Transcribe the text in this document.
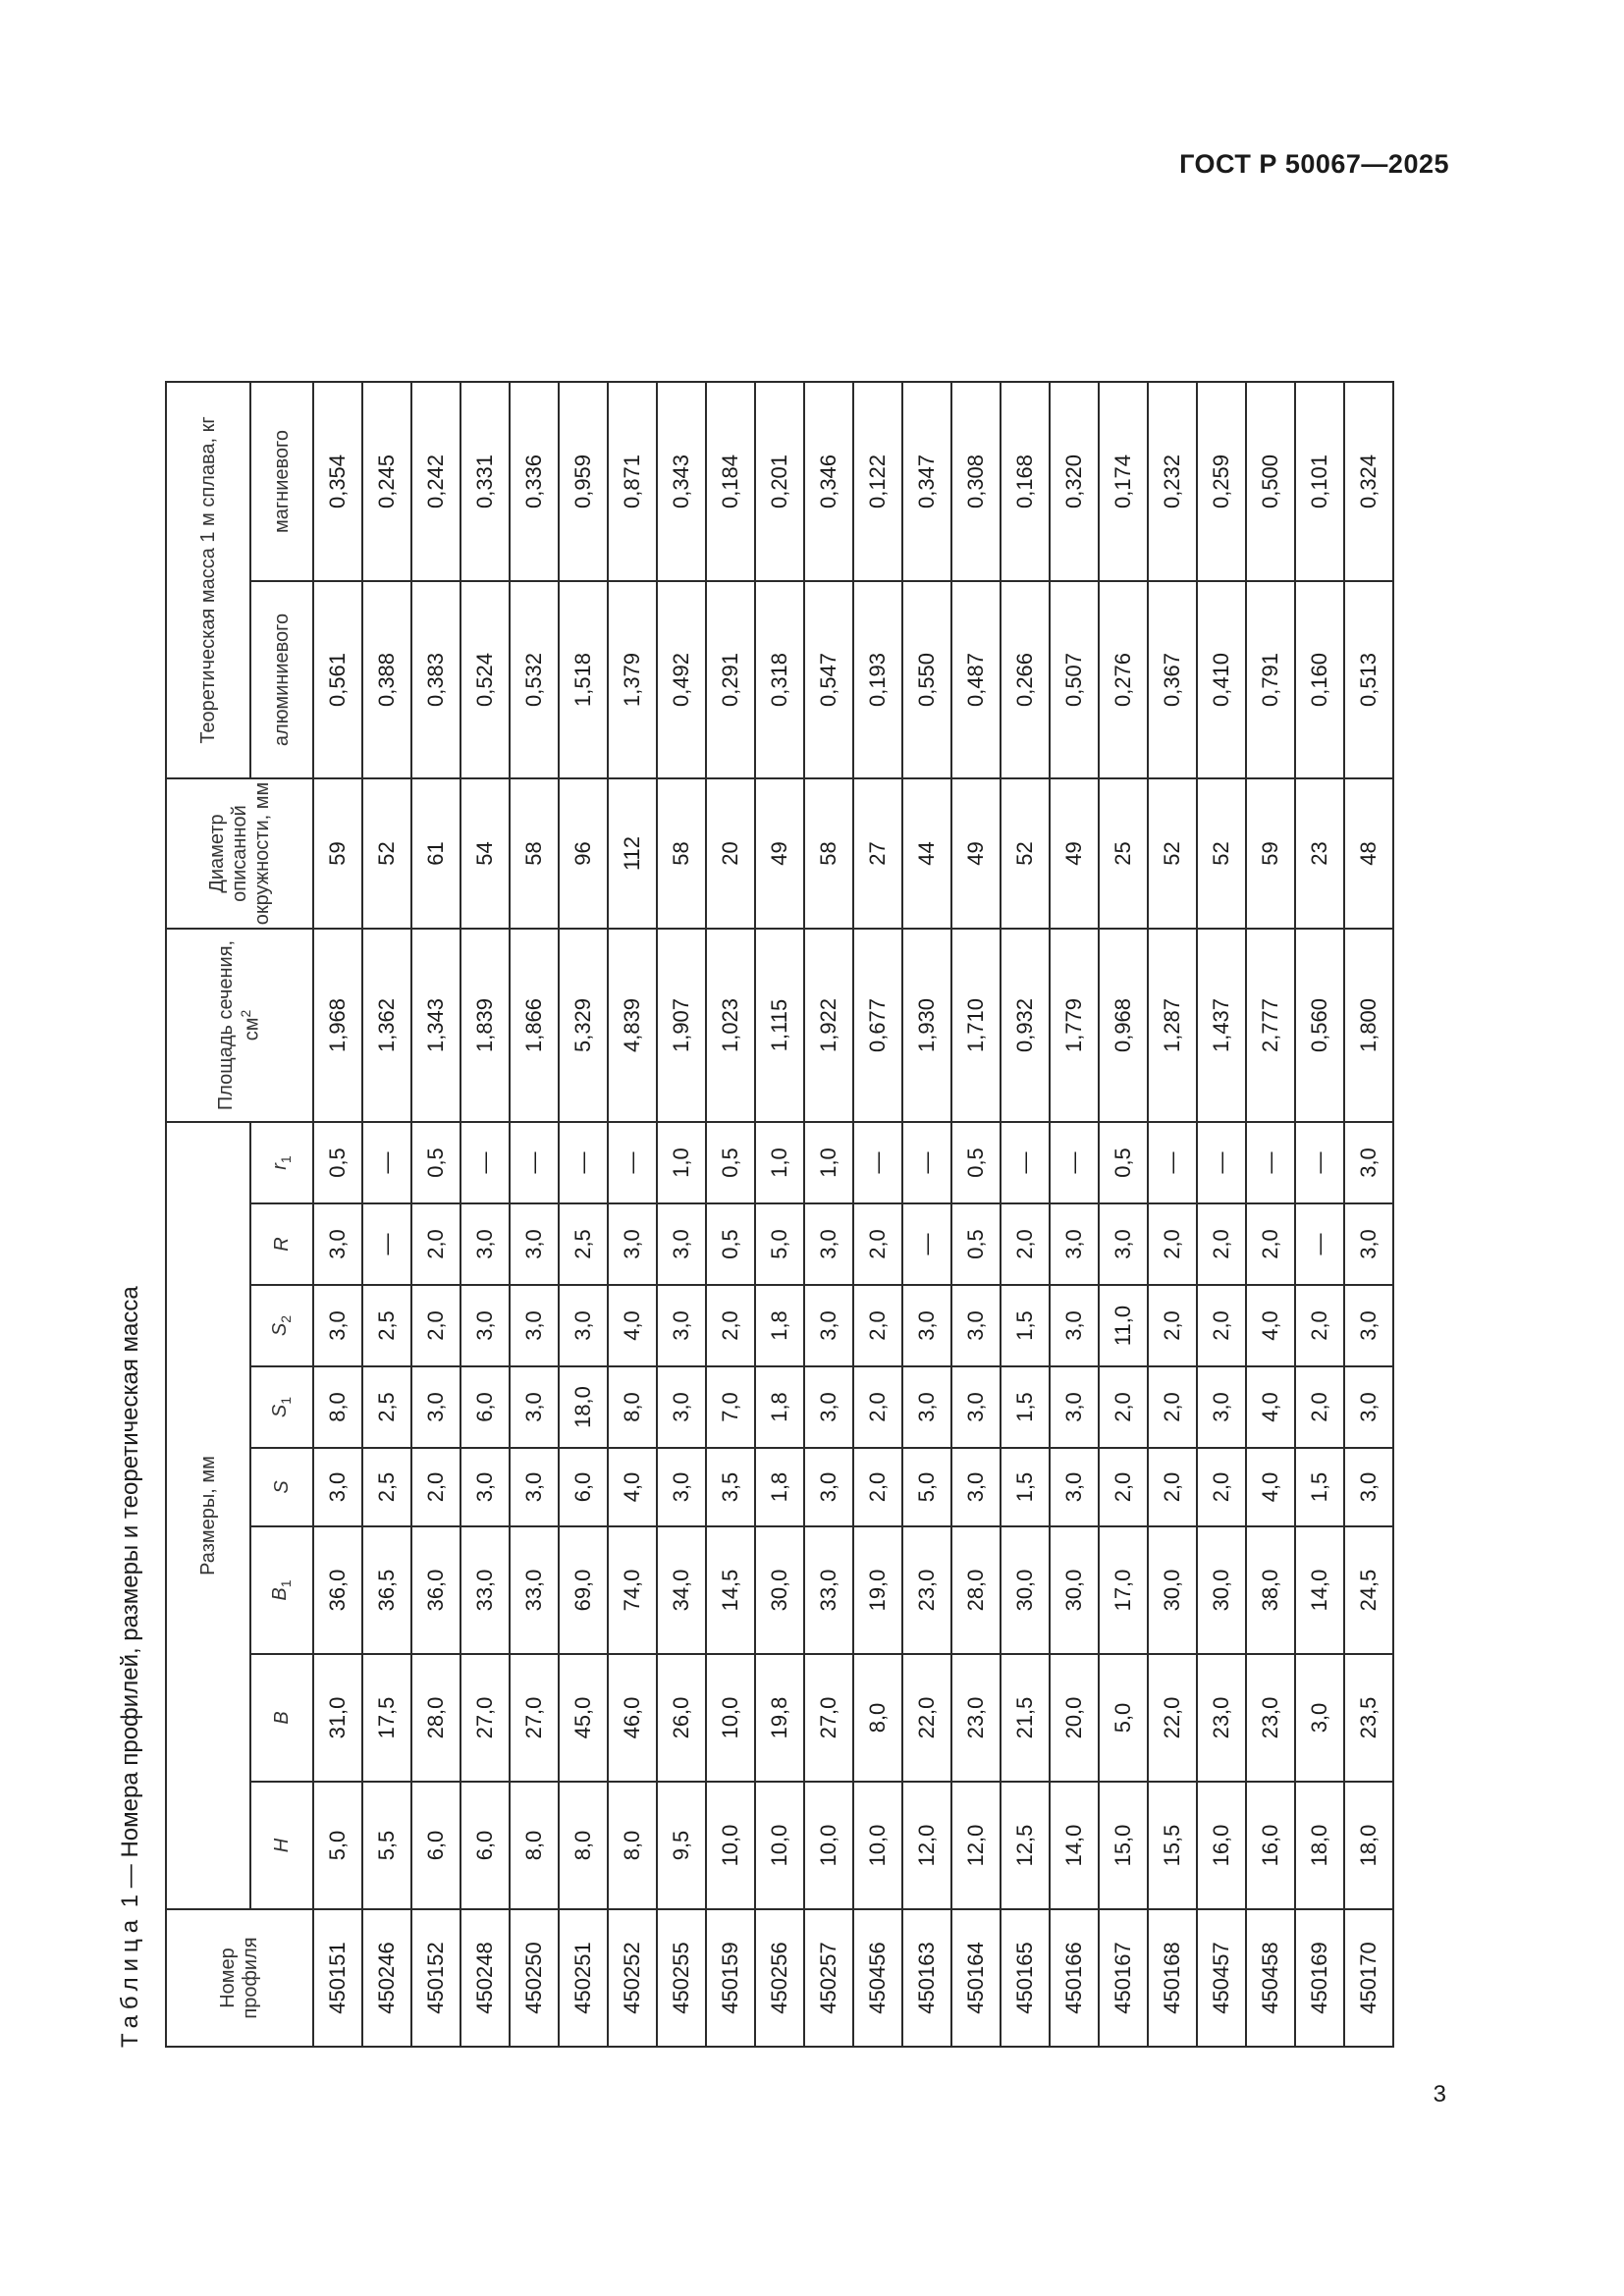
ГОСТ Р 50067—2025
Таблица 1 — Номера профилей, размеры и теоретическая масса
Номер профиля	Размеры, мм								Площадь сечения, $см^2$	Диаметр описанной окружности, мм	Теоретическая масса 1 м сплава, кг	
	H	B	$B_1$	S	$S_1$	$S_2$	R	$r_1$			алюминиевого	магниевого
450151	5,0	31,0	36,0	3,0	8,0	3,0	3,0	0,5	1,968	59	0,561	0,354
450246	5,5	17,5	36,5	2,5	2,5	2,5	—	—	1,362	52	0,388	0,245
450152	6,0	28,0	36,0	2,0	3,0	2,0	2,0	0,5	1,343	61	0,383	0,242
450248	6,0	27,0	33,0	3,0	6,0	3,0	3,0	—	1,839	54	0,524	0,331
450250	8,0	27,0	33,0	3,0	3,0	3,0	3,0	—	1,866	58	0,532	0,336
450251	8,0	45,0	69,0	6,0	18,0	3,0	2,5	—	5,329	96	1,518	0,959
450252	8,0	46,0	74,0	4,0	8,0	4,0	3,0	—	4,839	112	1,379	0,871
450255	9,5	26,0	34,0	3,0	3,0	3,0	3,0	1,0	1,907	58	0,492	0,343
450159	10,0	10,0	14,5	3,5	7,0	2,0	0,5	0,5	1,023	20	0,291	0,184
450256	10,0	19,8	30,0	1,8	1,8	1,8	5,0	1,0	1,115	49	0,318	0,201
450257	10,0	27,0	33,0	3,0	3,0	3,0	3,0	1,0	1,922	58	0,547	0,346
450456	10,0	8,0	19,0	2,0	2,0	2,0	2,0	—	0,677	27	0,193	0,122
450163	12,0	22,0	23,0	5,0	3,0	3,0	—	—	1,930	44	0,550	0,347
450164	12,0	23,0	28,0	3,0	3,0	3,0	0,5	0,5	1,710	49	0,487	0,308
450165	12,5	21,5	30,0	1,5	1,5	1,5	2,0	—	0,932	52	0,266	0,168
450166	14,0	20,0	30,0	3,0	3,0	3,0	3,0	—	1,779	49	0,507	0,320
450167	15,0	5,0	17,0	2,0	2,0	11,0	3,0	0,5	0,968	25	0,276	0,174
450168	15,5	22,0	30,0	2,0	2,0	2,0	2,0	—	1,287	52	0,367	0,232
450457	16,0	23,0	30,0	2,0	3,0	2,0	2,0	—	1,437	52	0,410	0,259
450458	16,0	23,0	38,0	4,0	4,0	4,0	2,0	—	2,777	59	0,791	0,500
450169	18,0	3,0	14,0	1,5	2,0	2,0	—	—	0,560	23	0,160	0,101
450170	18,0	23,5	24,5	3,0	3,0	3,0	3,0	3,0	1,800	48	0,513	0,324
3
